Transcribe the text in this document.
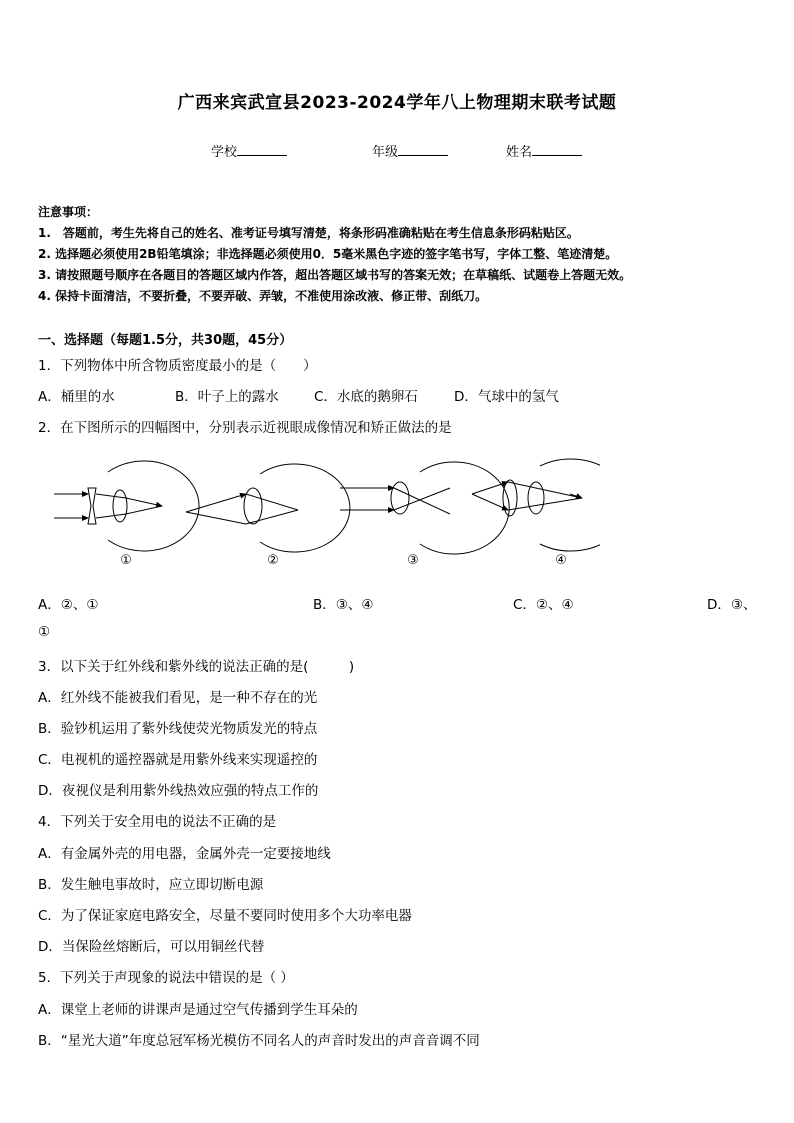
广西来宾武宣县2023-2024学年八上物理期末联考试题
学校	年级	姓名
注意事项：
1.　答题前，考生先将自己的姓名、准考证号填写清楚，将条形码准确粘贴在考生信息条形码粘贴区。
2. 选择题必须使用2B铅笔填涂；非选择题必须使用0．5毫米黑色字迹的签字笔书写，字体工整、笔迹清楚。
3. 请按照题号顺序在各题目的答题区域内作答，超出答题区域书写的答案无效；在草稿纸、试题卷上答题无效。
4. 保持卡面清洁，不要折叠，不要弄破、弄皱，不准使用涂改液、修正带、刮纸刀。
一、选择题（每题1.5分，共30题，45分）
1．下列物体中所含物质密度最小的是（　　）
A．桶里的水	B．叶子上的露水	C．水底的鹅卵石	D．气球中的氢气
2．在下图所示的四幅图中，分别表示近视眼成像情况和矫正做法的是
①	②	③	④
A．②、①	B．③、④	C．②、④	D．③、
①
3．以下关于红外线和紫外线的说法正确的是(　　　)
A．红外线不能被我们看见，是一种不存在的光
B．验钞机运用了紫外线使荧光物质发光的特点
C．电视机的遥控器就是用紫外线来实现遥控的
D．夜视仪是利用紫外线热效应强的特点工作的
4．下列关于安全用电的说法不正确的是
A．有金属外壳的用电器，金属外壳一定要接地线
B．发生触电事故时，应立即切断电源
C．为了保证家庭电路安全，尽量不要同时使用多个大功率电器
D．当保险丝熔断后，可以用铜丝代替
5．下列关于声现象的说法中错误的是（ ）
A．课堂上老师的讲课声是通过空气传播到学生耳朵的
B．“星光大道”年度总冠军杨光模仿不同名人的声音时发出的声音音调不同
